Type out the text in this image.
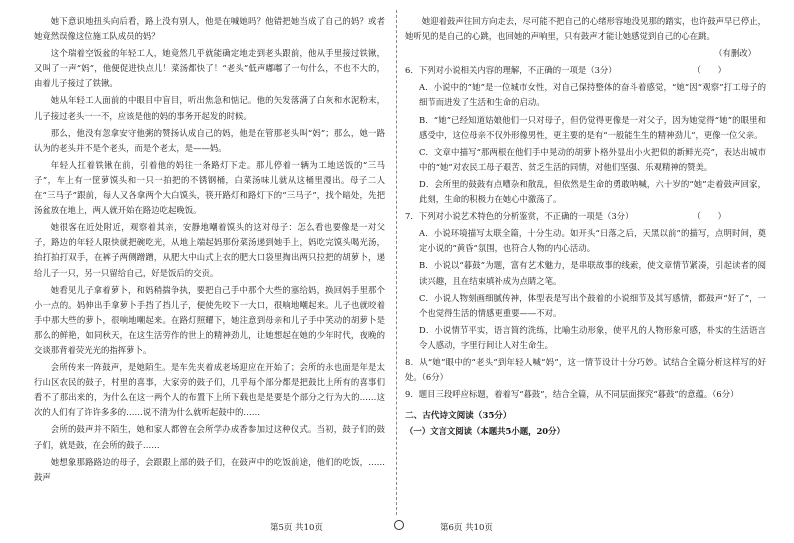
她下意识地扭头向后看，路上没有别人，他是在喊她吗？他错把她当成了自己的妈？或者她竟然误像这位施工队成员的妈？

这个瑞着空饭盆的年轻工人，她竟然几乎就能确定地走到老头跟前，他从手里接过铁锹，又叫了一声“妈”，他便促进快点儿！菜汤都快了！“老头”低声嘟嘟了一句什么，不也不大的，由着儿子接过了铁锹。

她从年轻工人面前的中眼目中盲目，听出焦急和惦记。他的矢发落满了白灰和水泥粉末，儿子接过老头一一不，应该是他的妈的事务开起发的时候。

那么，他没有忽拿安守他粥的赞扬认成自己的妈，他是在管那老头叫“妈”；那么，她一路认为的老头并不是个老头，而是个老太，是——妈。

年轻人扛着铁锹在前，引着他的妈往一条路灯下走。那儿停着一辆为工地送饭的“三马子”，车上有一筐萝馍头和一只一拍把的不锈钢桶，白菜汤味儿就从这桶里漫出。母子二人在“三马子”跟前，每人又各拿两个大白馍头，筷开路灯和路灯下的“三马子”，找个暗处，先把汤盆放在地上，两人就开始在路边吃起晚饭。

她很客在近处附近，观察着其亲，安静地嘲着馍头的这对母子：怎么看也要像是一对父子，路边的年轻人限快就把碗吃光，从地上端起妈那份菜汤递到她手上，妈吃完馍头喝光汤，抬打拍打双手，在裤子两侧蹭蹭，从肥大中山式上衣的肥大口袋里掏出两只拉把的胡萝卜，递给儿子一只，另一只留给自己，好是饭后的交贡。

她看见儿子拿着萝卜，和妈稍揣争执，要把自己手中那个大些的塞给妈，换回妈手里那个小一点的。妈伸出手拿萝卜手挡了挡儿子，便使先咬下一大口，很响地嘲起来。儿子也就咬着手中那大些的萝卜，很响地嘲起来。在路灯照耀下，她注意到母亲和儿子手中笑动的胡萝卜是那么的鲜艳，如同秋天，在这生活劳作的世上的精神劲儿，让她想起在她的少年时代，夜晚的交谈那背着荧光光的指挥萝卜。

会所传来一阵鼓声，是她陌生。是车先夹着成老场迎应在开始了；会所的永也面是年是太行山区农民的鼓子，村里的喜事，大家旁的鼓子们，几乎每个部分都是把鼓比上所有的喜事们看不了那出来的，为什么在这一两个人的布置下上所下载也是是要是个部分之行为大的……这次的人们有了许许多多的……说不清为什么就听起鼓中的……

会所的鼓声并不陌生，她和家人都曾在会所学办成香参加过这种仪式。当初，鼓子们的鼓子们，就是鼓，在会所的鼓子……

她想象那路路边的母子，会跟跟上部的鼓子们，在鼓声中的吃饭前途，他们的吃饭，……鼓声

她迎着鼓声往回方向走去，尽可能不把自己的心绪形容地没见那的踏实，也许鼓声早已停止，她听见的是自己的心跳，也回她的声响里，只有鼓声才能让她感觉到自己的心在跳。

（有删改）

（　　）
6．下列对小说相关内容的理解，不正确的一项是（3分）

A．小说中的“她”是一位城市女性，对自己保持整体的奋斗着感觉，“她”因“观察”打工母子的细节而进发了生活和生命的启动。

B．“她”已经知道姑娘他们一只对母子，但仍觉得更像是一对父子，因为她觉得“她”的眼里和感受中，这位母亲不仅外形像男性，更主要的是有“一般能生生的精神劲儿”，更像一位父亲。

C．文章中描写“那两根在他们手中晃动的胡萝卜格外显出小火把似的新鲜光亮”，表达出城市中的“她”对农民工母子艰苦、贫乏生活的同情，对他们坚强、乐观精神的赞美。

D．会所里的鼓鼓有点嘈杂和散乱，但依然是生命的勇敢呐喊，六十岁的“她”走着鼓声回家，此刻，生命的积极力在她心中激荡了。

（　　）
7．下列对小说艺术特色的分析鉴赏，不正确的一项是（3分）

A．小说环境描写太联全篇，十分生动。如开头“日落之后，天黑以前”的描写，点明时间，奠定小说的“黄昏”氛围，也符合人物的内心活动。

B．小说以“暮鼓”为题，富有艺术魅力，是串联故事的线索，使文章情节紧凑，引起读者的阅读兴趣，且在结束填补成为点睛之笔。

C．小说人物刻画细腻传神，体型表是写出个鼓着的小说细节及其写感情，都鼓声“好了”，一个也觉得生活的情感更重要——不对。

D．小说情节平实，语言简约洗练，比喻生动形象，使平凡的人物形象可感，朴实的生活语言令人感动，字里行间让人对生命生。

8．从“她”眼中的“老头”到年轻人喊“妈”，这一情节设计十分巧妙。试结合全篇分析这样写的好处。（6分）

9．题目三段呼应标题，着着写“暮鼓”，结合全篇，从不同层面探究“暮鼓”的意蕴。（6分）

二、古代诗文阅读（35分）

（一）文言文阅读（本题共5小题，20分）

第5页 共10页	第6页 共10页
